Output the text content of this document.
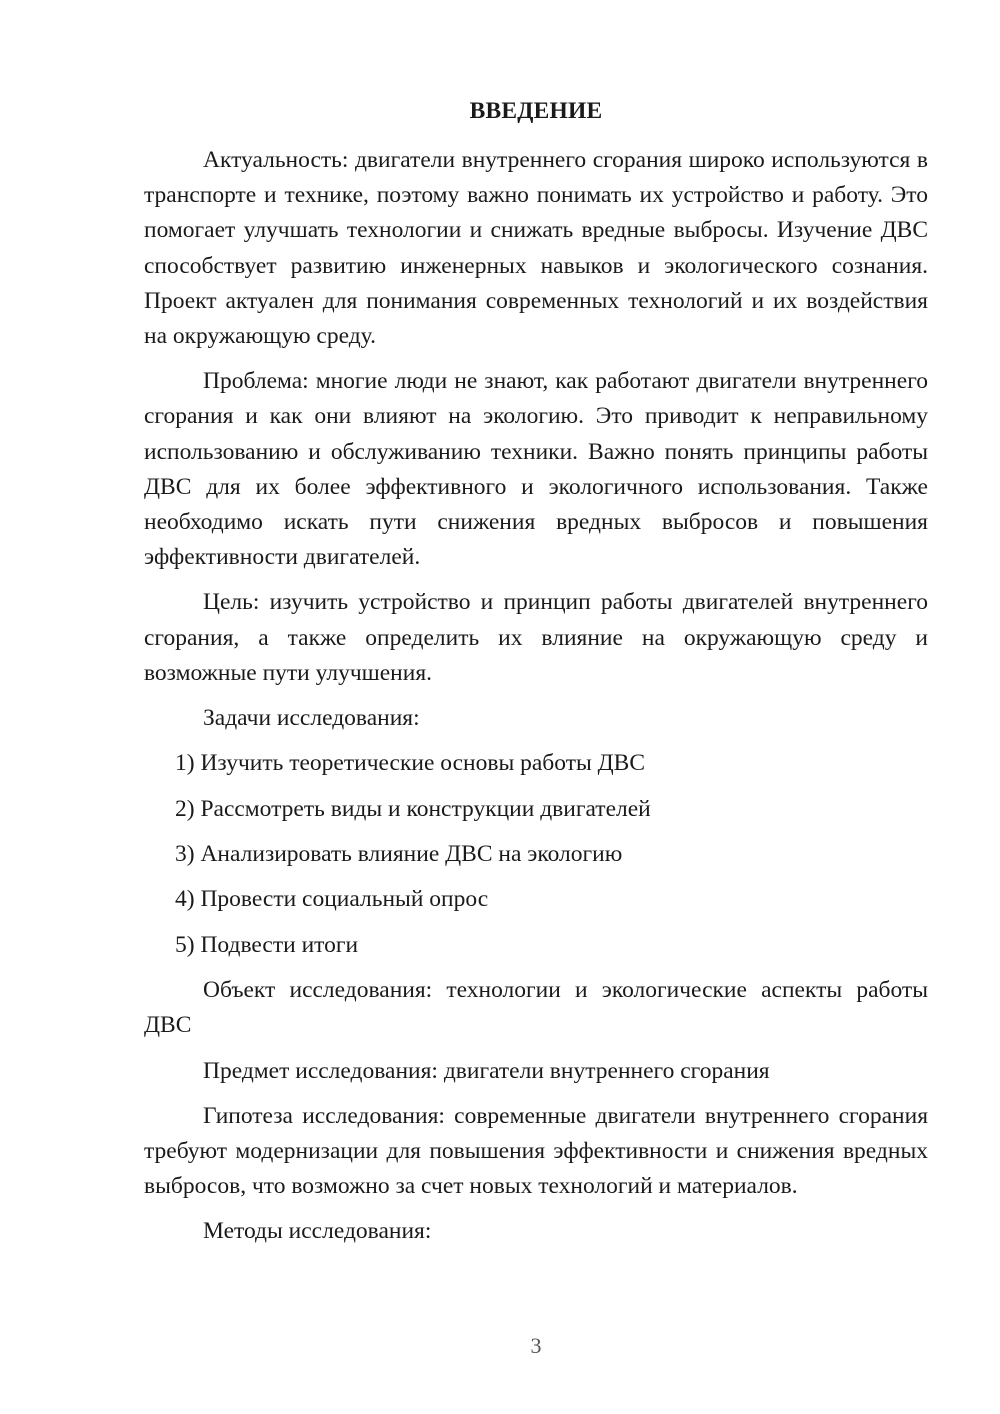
ВВЕДЕНИЕ

Актуальность: двигатели внутреннего сгорания широко используются в транспорте и технике, поэтому важно понимать их устройство и работу. Это помогает улучшать технологии и снижать вредные выбросы. Изучение ДВС способствует развитию инженерных навыков и экологического сознания. Проект актуален для понимания современных технологий и их воздействия на окружающую среду.

Проблема: многие люди не знают, как работают двигатели внутреннего сгорания и как они влияют на экологию. Это приводит к неправильному использованию и обслуживанию техники. Важно понять принципы работы ДВС для их более эффективного и экологичного использования. Также необходимо искать пути снижения вредных выбросов и повышения эффективности двигателей.

Цель: изучить устройство и принцип работы двигателей внутреннего сгорания, а также определить их влияние на окружающую среду и возможные пути улучшения.

Задачи исследования:

1) Изучить теоретические основы работы ДВС
2) Рассмотреть виды и конструкции двигателей
3) Анализировать влияние ДВС на экологию
4) Провести социальный опрос
5) Подвести итоги

Объект исследования: технологии и экологические аспекты работы ДВС

Предмет исследования: двигатели внутреннего сгорания

Гипотеза исследования: современные двигатели внутреннего сгорания требуют модернизации для повышения эффективности и снижения вредных выбросов, что возможно за счет новых технологий и материалов.

Методы исследования:

3
